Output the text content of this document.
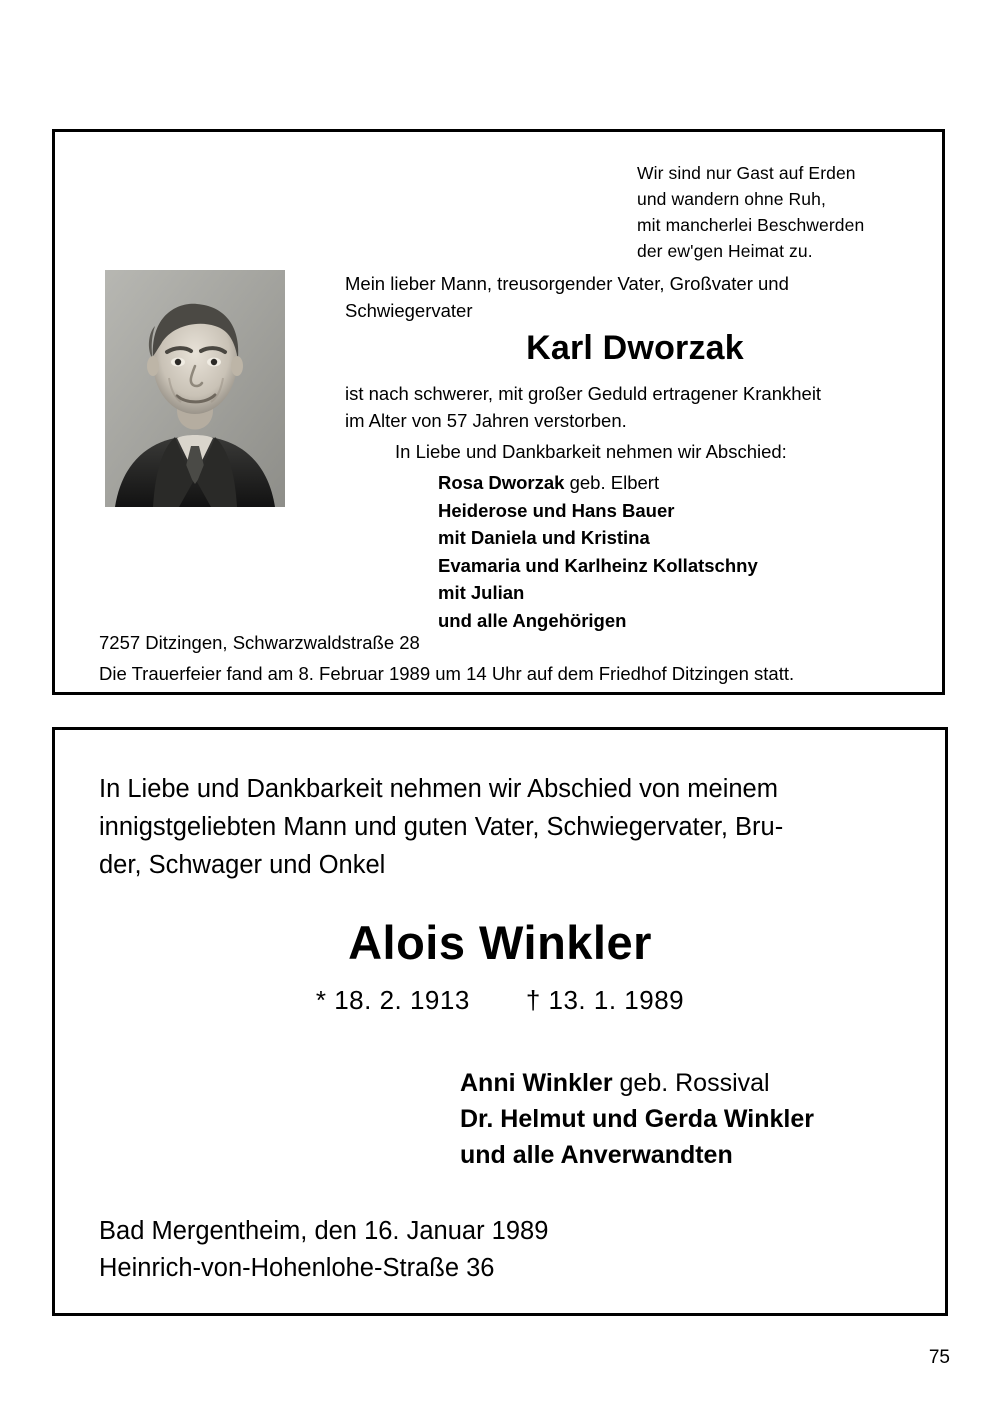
Wir sind nur Gast auf Erden
und wandern ohne Ruh,
mit mancherlei Beschwerden
der ew'gen Heimat zu.
Mein lieber Mann, treusorgender Vater, Großvater und
Schwiegervater
Karl Dworzak
ist nach schwerer, mit großer Geduld ertragener Krankheit
im Alter von 57 Jahren verstorben.
In Liebe und Dankbarkeit nehmen wir Abschied:
Rosa Dworzak geb. Elbert
Heiderose und Hans Bauer
mit Daniela und Kristina
Evamaria und Karlheinz Kollatschny
mit Julian
und alle Angehörigen
7257 Ditzingen, Schwarzwaldstraße 28
Die Trauerfeier fand am 8. Februar 1989 um 14 Uhr auf dem Friedhof Ditzingen statt.
In Liebe und Dankbarkeit nehmen wir Abschied von meinem
innigstgeliebten Mann und guten Vater, Schwiegervater, Bru-
der, Schwager und Onkel
Alois Winkler
* 18. 2. 1913 † 13. 1. 1989
Anni Winkler geb. Rossival
Dr. Helmut und Gerda Winkler
und alle Anverwandten
Bad Mergentheim, den 16. Januar 1989
Heinrich-von-Hohenlohe-Straße 36
75
